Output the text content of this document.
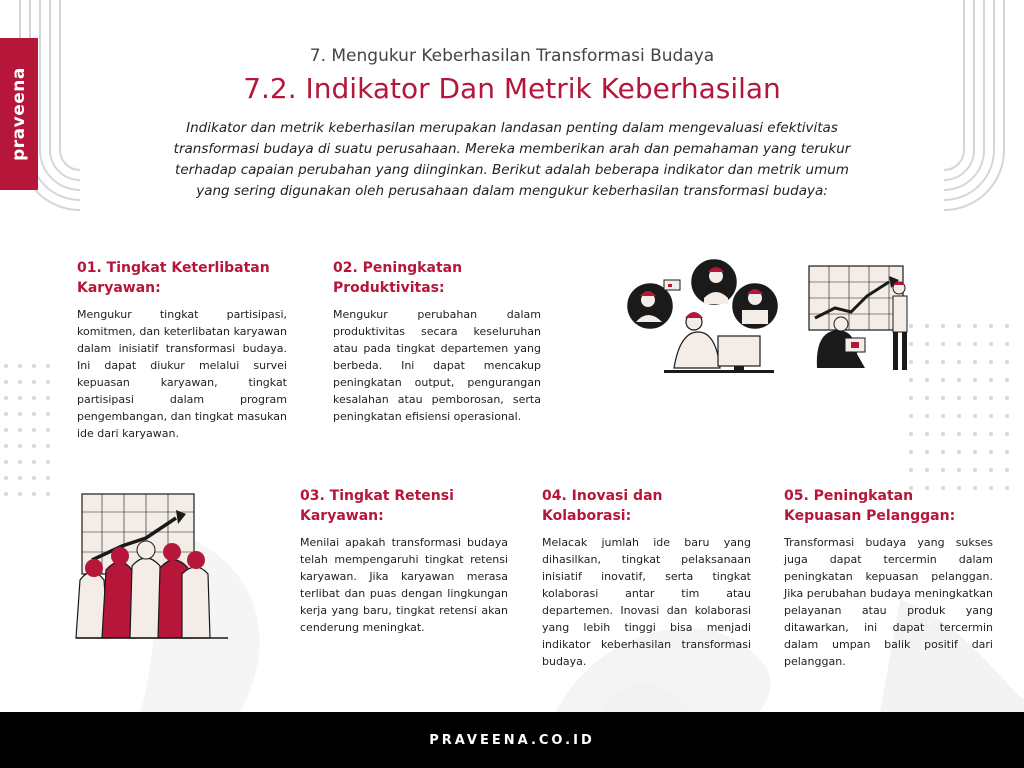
praveena
7. Mengukur Keberhasilan Transformasi Budaya
7.2. Indikator Dan Metrik Keberhasilan
Indikator dan metrik keberhasilan merupakan landasan penting dalam mengevaluasi efektivitas transformasi budaya di suatu perusahaan. Mereka memberikan arah dan pemahaman yang terukur terhadap capaian perubahan yang diinginkan. Berikut adalah beberapa indikator dan metrik umum yang sering digunakan oleh perusahaan dalam mengukur keberhasilan transformasi budaya:
01. Tingkat Keterlibatan Karyawan:

Mengukur tingkat partisipasi, komitmen, dan keterlibatan karyawan dalam inisiatif transformasi budaya. Ini dapat diukur melalui survei kepuasan karyawan, tingkat partisipasi dalam program pengembangan, dan tingkat masukan ide dari karyawan.

02. Peningkatan Produktivitas:

Mengukur perubahan dalam produktivitas secara keseluruhan atau pada tingkat departemen yang berbeda. Ini dapat mencakup peningkatan output, pengurangan kesalahan atau pemborosan, serta peningkatan efisiensi operasional.

03. Tingkat Retensi Karyawan:

Menilai apakah transformasi budaya telah mempengaruhi tingkat retensi karyawan. Jika karyawan merasa terlibat dan puas dengan lingkungan kerja yang baru, tingkat retensi akan cenderung meningkat.

04. Inovasi dan Kolaborasi:

Melacak jumlah ide baru yang dihasilkan, tingkat pelaksanaan inisiatif inovatif, serta tingkat kolaborasi antar tim atau departemen. Inovasi dan kolaborasi yang lebih tinggi bisa menjadi indikator keberhasilan transformasi budaya.

05. Peningkatan Kepuasan Pelanggan:

Transformasi budaya yang sukses juga dapat tercermin dalam peningkatan kepuasan pelanggan. Jika perubahan budaya meningkatkan pelayanan atau produk yang ditawarkan, ini dapat tercermin dalam umpan balik positif dari pelanggan.

PRAVEENA.CO.ID
